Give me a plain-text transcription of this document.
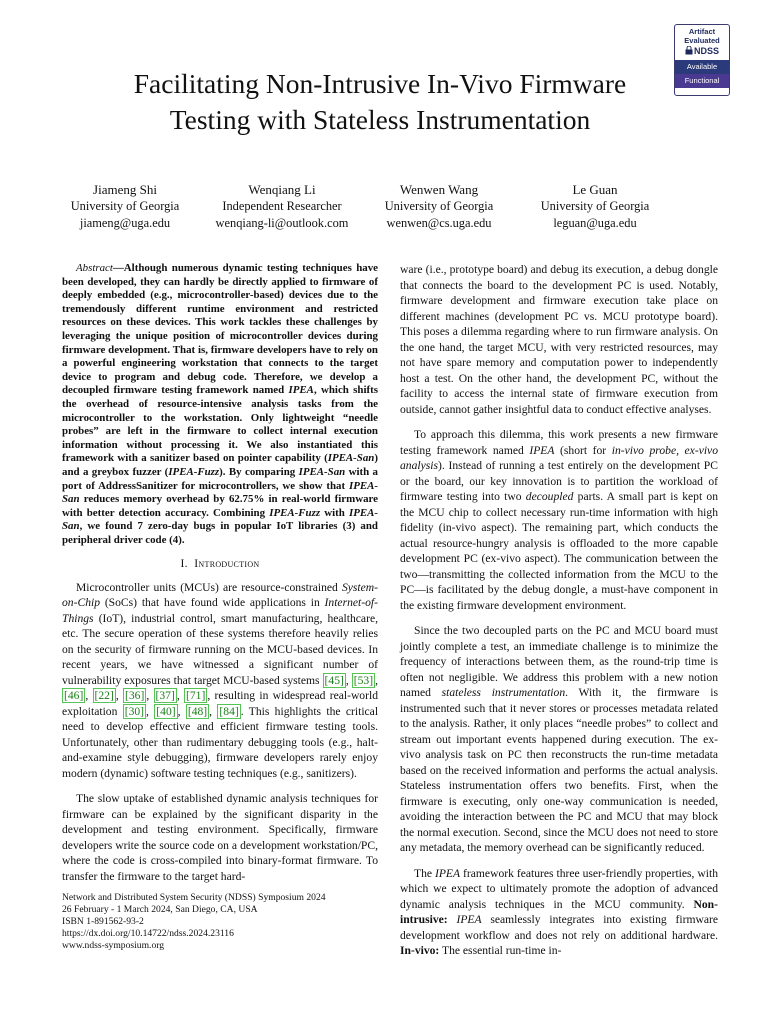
Artifact
Evaluated
NDSS
Available
Functional
Facilitating Non-Intrusive In-Vivo Firmware
Testing with Stateless Instrumentation
Jiameng Shi
University of Georgia
jiameng@uga.edu
Wenqiang Li
Independent Researcher
wenqiang-li@outlook.com
Wenwen Wang
University of Georgia
wenwen@cs.uga.edu
Le Guan
University of Georgia
leguan@uga.edu

Abstract—Although numerous dynamic testing techniques have been developed, they can hardly be directly applied to firmware of deeply embedded (e.g., microcontroller-based) devices due to the tremendously different runtime environment and restricted resources on these devices. This work tackles these challenges by leveraging the unique position of microcontroller devices during firmware development. That is, firmware developers have to rely on a powerful engineering workstation that connects to the target device to program and debug code. Therefore, we develop a decoupled firmware testing framework named IPEA, which shifts the overhead of resource-intensive analysis tasks from the microcontroller to the workstation. Only lightweight “needle probes” are left in the firmware to collect internal execution information without processing it. We also instantiated this framework with a sanitizer based on pointer capability (IPEA-San) and a greybox fuzzer (IPEA-Fuzz). By comparing IPEA-San with a port of AddressSanitizer for microcontrollers, we show that IPEA-San reduces memory overhead by 62.75% in real-world firmware with better detection accuracy. Combining IPEA-Fuzz with IPEA-San, we found 7 zero-day bugs in popular IoT libraries (3) and peripheral driver code (4).

I. Introduction

Microcontroller units (MCUs) are resource-constrained System-on-Chip (SoCs) that have found wide applications in Internet-of-Things (IoT), industrial control, smart manufacturing, healthcare, etc. The secure operation of these systems therefore heavily relies on the security of firmware running on the MCU-based devices. In recent years, we have witnessed a significant number of vulnerability exposures that target MCU-based systems [45] , [53] , [46] , [22] , [36] , [37] , [71] , resulting in widespread real-world exploitation [30] , [40] , [48] , [84] . This highlights the critical need to develop effective and efficient firmware testing tools. Unfortunately, other than rudimentary debugging tools (e.g., halt-and-examine style debugging), firmware developers rarely enjoy modern (dynamic) software testing techniques (e.g., sanitizers).

The slow uptake of established dynamic analysis techniques for firmware can be explained by the significant disparity in the development and testing environment. Specifically, firmware developers write the source code on a development workstation/PC, where the code is cross-compiled into binary-format firmware. To transfer the firmware to the target hard-

ware (i.e., prototype board) and debug its execution, a debug dongle that connects the board to the development PC is used. Notably, firmware development and firmware execution take place on different machines (development PC vs. MCU prototype board). This poses a dilemma regarding where to run firmware analysis. On the one hand, the target MCU, with very restricted resources, may not have spare memory and computation power to independently host a test. On the other hand, the development PC, without the facility to access the internal state of firmware execution from outside, cannot gather insightful data to conduct effective analyses.

To approach this dilemma, this work presents a new firmware testing framework named IPEA (short for in-vivo probe, ex-vivo analysis). Instead of running a test entirely on the development PC or the board, our key innovation is to partition the workload of firmware testing into two decoupled parts. A small part is kept on the MCU chip to collect necessary run-time information with high fidelity (in-vivo aspect). The remaining part, which conducts the actual resource-hungry analysis is offloaded to the more capable development PC (ex-vivo aspect). The communication between the two—transmitting the collected information from the MCU to the PC—is facilitated by the debug dongle, a must-have component in the existing firmware development environment.

Since the two decoupled parts on the PC and MCU board must jointly complete a test, an immediate challenge is to minimize the frequency of interactions between them, as the round-trip time is often not negligible. We address this problem with a new notion named stateless instrumentation. With it, the firmware is instrumented such that it never stores or processes metadata related to the analysis. Rather, it only places “needle probes” to collect and stream out important events happened during execution. The ex-vivo analysis task on PC then reconstructs the run-time metadata based on the received information and performs the actual analysis. Stateless instrumentation offers two benefits. First, when the firmware is executing, only one-way communication is needed, avoiding the interaction between the PC and MCU that may block the normal execution. Second, since the MCU does not need to store any metadata, the memory overhead can be significantly reduced.

The IPEA framework features three user-friendly properties, with which we expect to ultimately promote the adoption of advanced dynamic analysis techniques in the MCU community. Non-intrusive: IPEA seamlessly integrates into existing firmware development workflow and does not rely on additional hardware. In-vivo: The essential run-time in-

Network and Distributed System Security (NDSS) Symposium 2024
26 February - 1 March 2024, San Diego, CA, USA
ISBN 1-891562-93-2
https://dx.doi.org/10.14722/ndss.2024.23116
www.ndss-symposium.org
